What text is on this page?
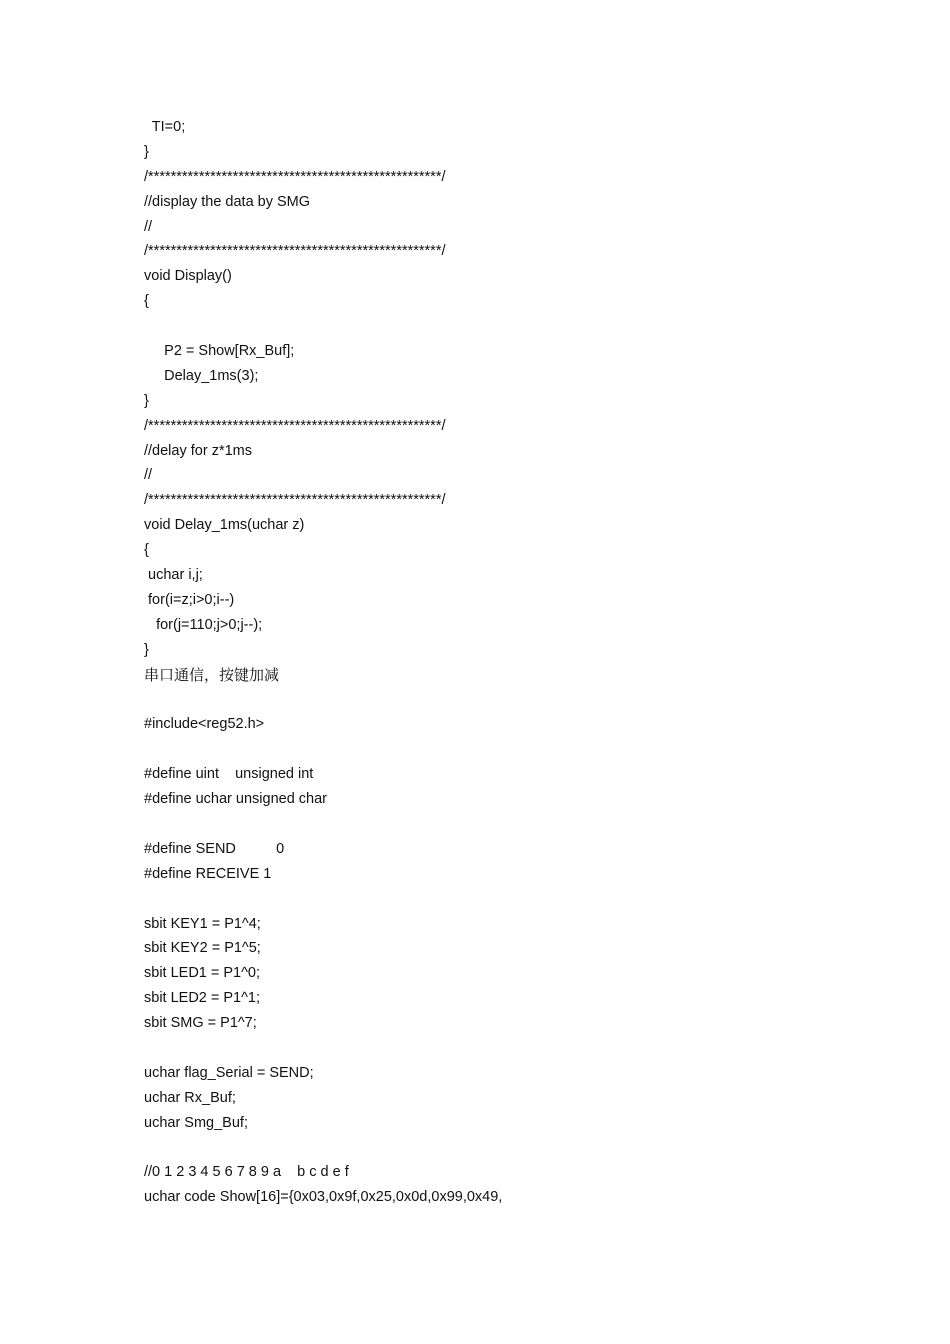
TI=0;
}
/****************************************************/
//display the data by SMG
//
/****************************************************/
void Display()
{
P2 = Show[Rx_Buf];
Delay_1ms(3);
}
/****************************************************/
//delay for z*1ms
//
/****************************************************/
void Delay_1ms(uchar z)
{
uchar i,j;
for(i=z;i>0;i--)
for(j=110;j>0;j--);
}
串口通信，按键加减
#include<reg52.h>
#define uint    unsigned int
#define uchar unsigned char
#define SEND          0
#define RECEIVE 1
sbit KEY1 = P1^4;
sbit KEY2 = P1^5;
sbit LED1 = P1^0;
sbit LED2 = P1^1;
sbit SMG = P1^7;
uchar flag_Serial = SEND;
uchar Rx_Buf;
uchar Smg_Buf;
//0 1 2 3 4 5 6 7 8 9 a    b c d e f
uchar code Show[16]={0x03,0x9f,0x25,0x0d,0x99,0x49,
